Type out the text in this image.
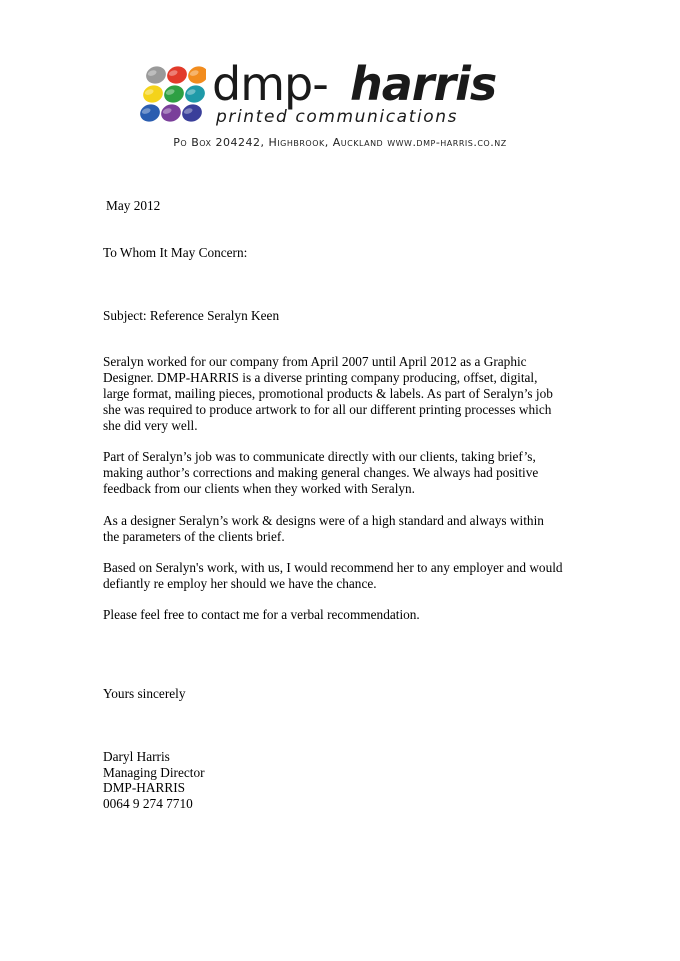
dmp- harris
printed communications
Po Box 204242, Highbrook, Auckland www.dmp-harris.co.nz
May 2012
To Whom It May Concern:
Subject: Reference Seralyn Keen
Seralyn worked for our company from April 2007 until April 2012 as a Graphic
Designer. DMP-HARRIS is a diverse printing company producing, offset, digital,
large format, mailing pieces, promotional products & labels. As part of Seralyn’s job
she was required to produce artwork to for all our different printing processes which
she did very well.
Part of Seralyn’s job was to communicate directly with our clients, taking brief’s,
making author’s corrections and making general changes. We always had positive
feedback from our clients when they worked with Seralyn.
As a designer Seralyn’s work & designs were of a high standard and always within
the parameters of the clients brief.
Based on Seralyn's work, with us, I would recommend her to any employer and would
defiantly re employ her should we have the chance.
Please feel free to contact me for a verbal recommendation.
Yours sincerely
Daryl Harris
Managing Director
DMP-HARRIS
0064 9 274 7710
